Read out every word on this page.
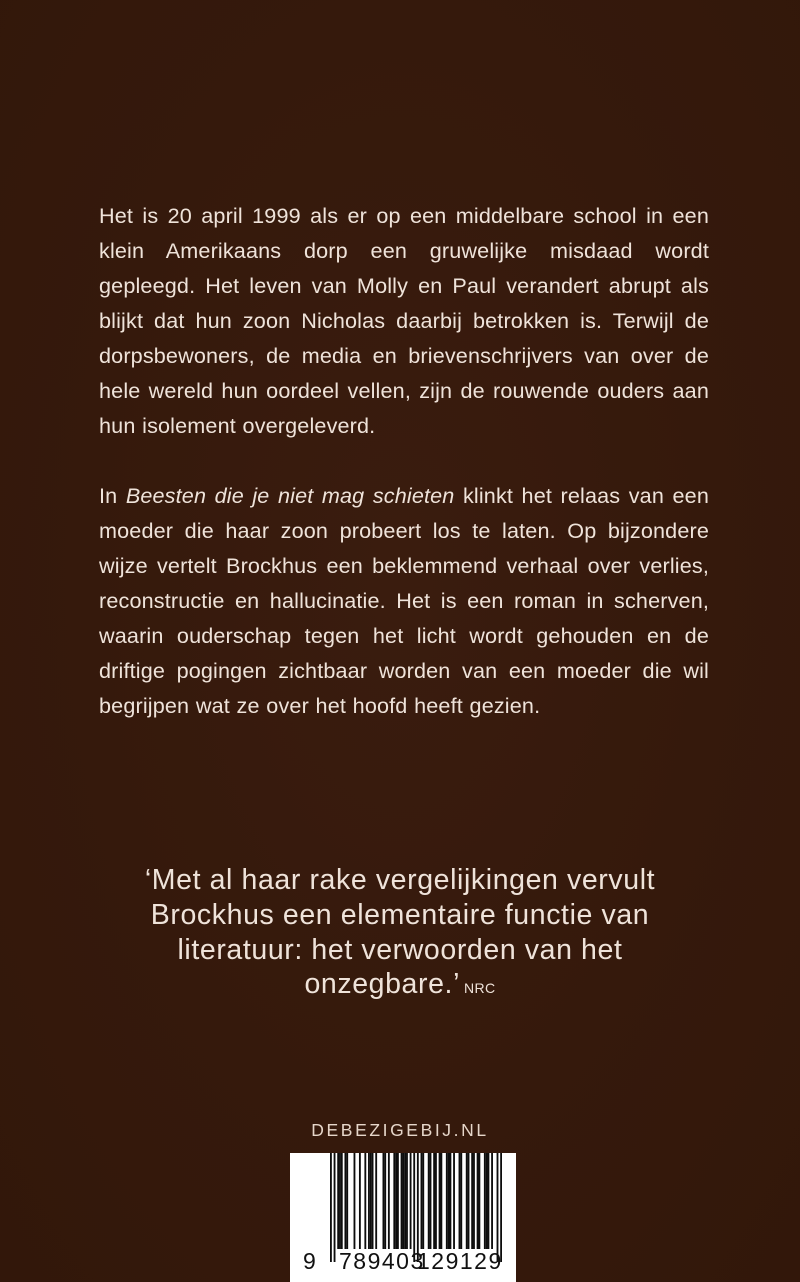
Het is 20 april 1999 als er op een middelbare school in een klein Amerikaans dorp een gruwelijke misdaad wordt gepleegd. Het leven van Molly en Paul verandert abrupt als blijkt dat hun zoon Nicholas daarbij betrokken is. Terwijl de dorpsbewoners, de media en brievenschrijvers van over de hele wereld hun oordeel vellen, zijn de rouwende ouders aan hun isolement overgeleverd.

In Beesten die je niet mag schieten klinkt het relaas van een moeder die haar zoon probeert los te laten. Op bijzondere wijze vertelt Brockhus een beklemmend verhaal over verlies, reconstructie en hallucinatie. Het is een roman in scherven, waarin ouderschap tegen het licht wordt gehouden en de driftige pogingen zichtbaar worden van een moeder die wil begrijpen wat ze over het hoofd heeft gezien.

‘Met al haar rake vergelijkingen vervult
Brockhus een elementaire functie van
literatuur: het verwoorden van het
onzegbare.’ NRC
DEBEZIGEBIJ.NL
9 789403
129129
